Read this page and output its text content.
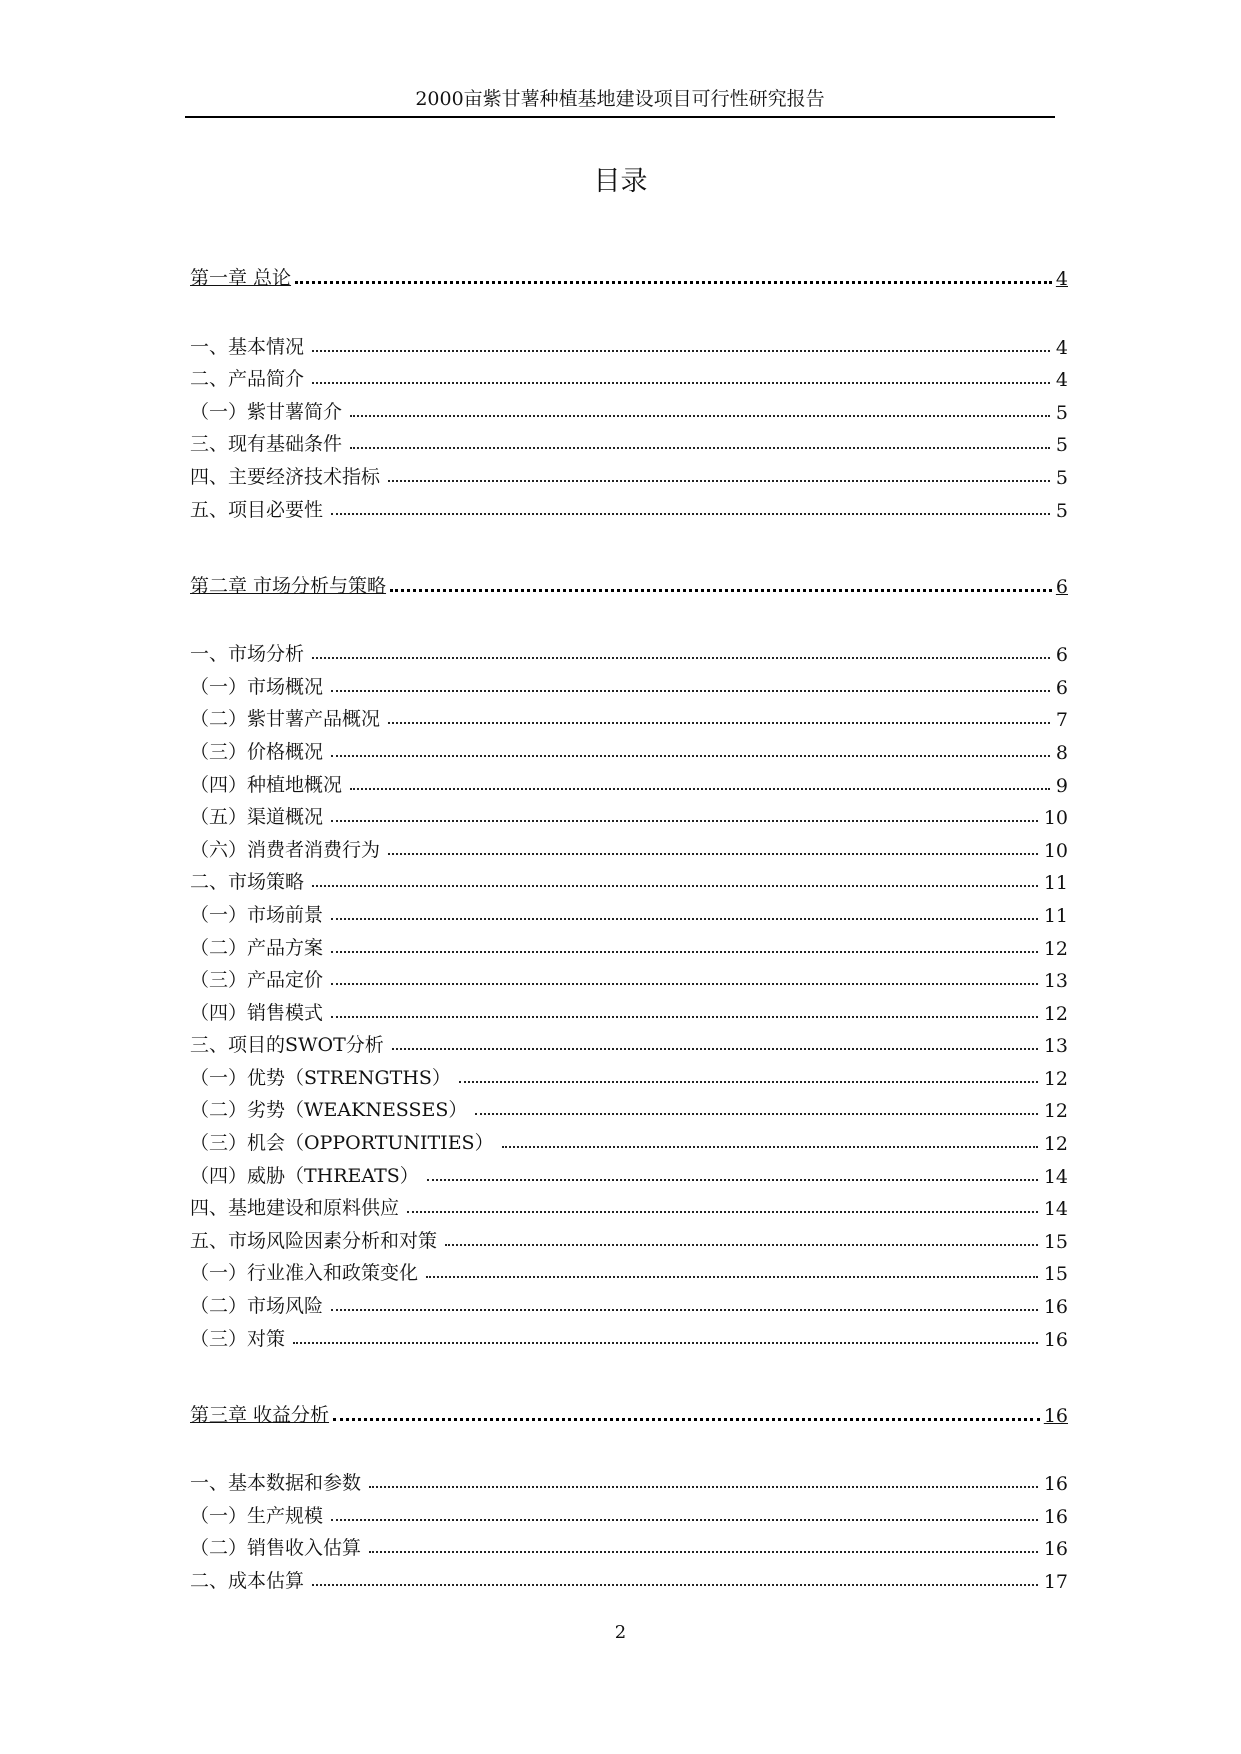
2000亩紫甘薯种植基地建设项目可行性研究报告
目录
第一章 总论	4
一、基本情况	4
二、产品简介	4
（一）紫甘薯简介	5
三、现有基础条件	5
四、主要经济技术指标	5
五、项目必要性	5
第二章 市场分析与策略	6
一、市场分析	6
（一）市场概况	6
（二）紫甘薯产品概况	7
（三）价格概况	8
（四）种植地概况	9
（五）渠道概况	10
（六）消费者消费行为	10
二、市场策略	11
（一）市场前景	11
（二）产品方案	12
（三）产品定价	13
（四）销售模式	12
三、项目的SWOT分析	13
（一）优势（STRENGTHS）	12
（二）劣势（WEAKNESSES）	12
（三）机会（OPPORTUNITIES）	12
（四）威胁（THREATS）	14
四、基地建设和原料供应	14
五、市场风险因素分析和对策	15
（一）行业准入和政策变化	15
（二）市场风险	16
（三）对策	16
第三章 收益分析	16
一、基本数据和参数	16
（一）生产规模	16
（二）销售收入估算	16
二、成本估算	17
2
